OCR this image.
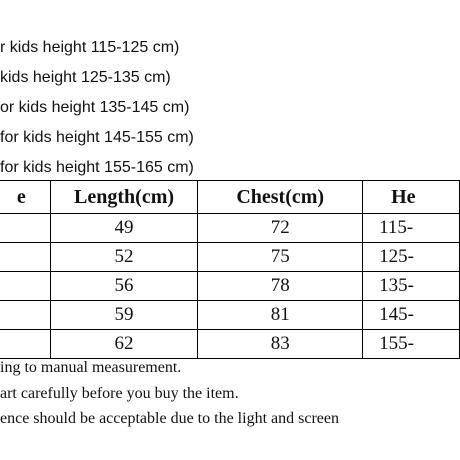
r kids height 115-125 cm)
kids height 125-135 cm)
or kids height 135-145 cm)
for kids height 145-155 cm)
for kids height 155-165 cm)
e	Length(cm)	Chest(cm)	He
	49	72	115-
	52	75	125-
	56	78	135-
	59	81	145-
	62	83	155-
ing to manual measurement.
art carefully before you buy the item.
ence should be acceptable due to the light and screen
